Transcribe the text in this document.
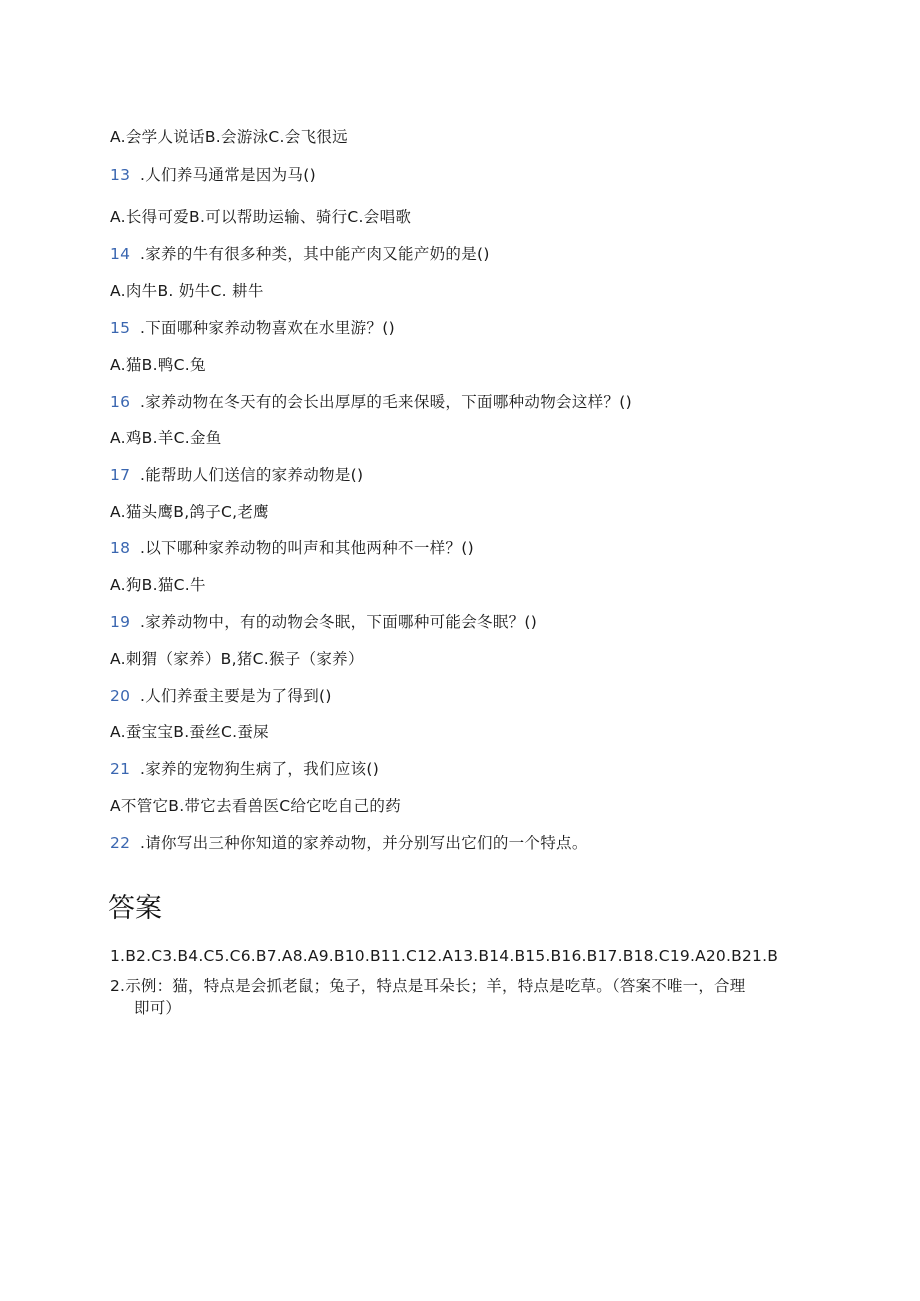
A.会学人说话B.会游泳C.会飞很远
13 .人们养马通常是因为马()
A.长得可爱B.可以帮助运输、骑行C.会唱歌
14 .家养的牛有很多种类，其中能产肉又能产奶的是()
A.肉牛B. 奶牛C. 耕牛
15 .下面哪种家养动物喜欢在水里游？()
A.猫B.鸭C.兔
16 .家养动物在冬天有的会长出厚厚的毛来保暖，下面哪种动物会这样？()
A.鸡B.羊C.金鱼
17 .能帮助人们送信的家养动物是()
A.猫头鹰B,鸽子C,老鹰
18 .以下哪种家养动物的叫声和其他两种不一样？()
A.狗B.猫C.牛
19 .家养动物中，有的动物会冬眠，下面哪种可能会冬眠？()
A.刺猬（家养）B,猪C.猴子（家养）
20 .人们养蚕主要是为了得到()
A.蚕宝宝B.蚕丝C.蚕屎
21 .家养的宠物狗生病了，我们应该()
A不管它B.带它去看兽医C给它吃自己的药
22 .请你写出三种你知道的家养动物，并分别写出它们的一个特点。
答案
1.B2.C3.B4.C5.C6.B7.A8.A9.B10.B11.C12.A13.B14.B15.B16.B17.B18.C19.A20.B21.B
2.示例：猫，特点是会抓老鼠；兔子，特点是耳朵长；羊，特点是吃草。（答案不唯一，合理
即可）
